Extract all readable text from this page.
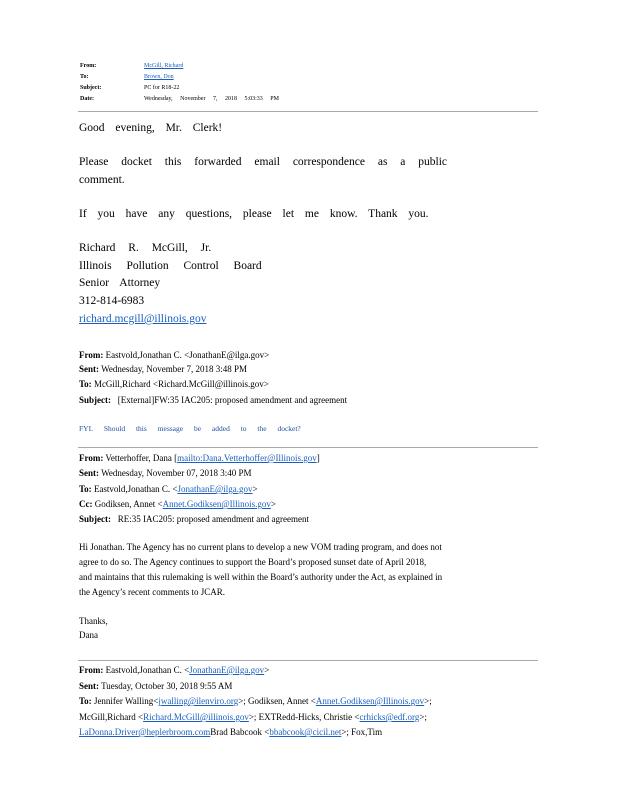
From:	McGill, Richard
To:	Brown, Don
Subject:	PC for R18-22
Date:	Wednesday, November 7, 2018 5:03:33 PM
Good evening, Mr. Clerk!
Please docket this forwarded email correspondence as a public
comment.
If you have any questions, please let me know. Thank you.
Richard R. McGill, Jr.
Illinois Pollution Control Board
Senior Attorney
312-814-6983
richard.mcgill@illinois.gov
From: Eastvold,Jonathan C. <JonathanE@ilga.gov>
Sent: Wednesday, November 7, 2018 3:48 PM
To: McGill,Richard <Richard.McGill@illinois.gov>
Subject: [External]FW:35 IAC205: proposed amendment and agreement
FYI. Should this message be added to the docket?
From: Vetterhoffer, Dana [mailto:Dana.Vetterhoffer@Illinois.gov]
Sent: Wednesday, November 07, 2018 3:40 PM
To: Eastvold,Jonathan C. <JonathanE@ilga.gov>
Cc: Godiksen, Annet <Annet.Godiksen@Illinois.gov>
Subject: RE:35 IAC205: proposed amendment and agreement
Hi Jonathan. The Agency has no current plans to develop a new VOM trading program, and does not
agree to do so. The Agency continues to support the Board’s proposed sunset date of April 2018,
and maintains that this rulemaking is well within the Board’s authority under the Act, as explained in
the Agency’s recent comments to JCAR.
Thanks,
Dana
From: Eastvold,Jonathan C. <JonathanE@ilga.gov>
Sent: Tuesday, October 30, 2018 9:55 AM
To: Jennifer Walling<jwalling@ilenviro.org>; Godiksen, Annet <Annet.Godiksen@Illinois.gov>;
McGill,Richard <Richard.McGill@illinois.gov>; EXTRedd-Hicks, Christie <crhicks@edf.org>;
LaDonna.Driver@heplerbroom.comBrad Babcook <bbabcook@cicil.net>; Fox,Tim
